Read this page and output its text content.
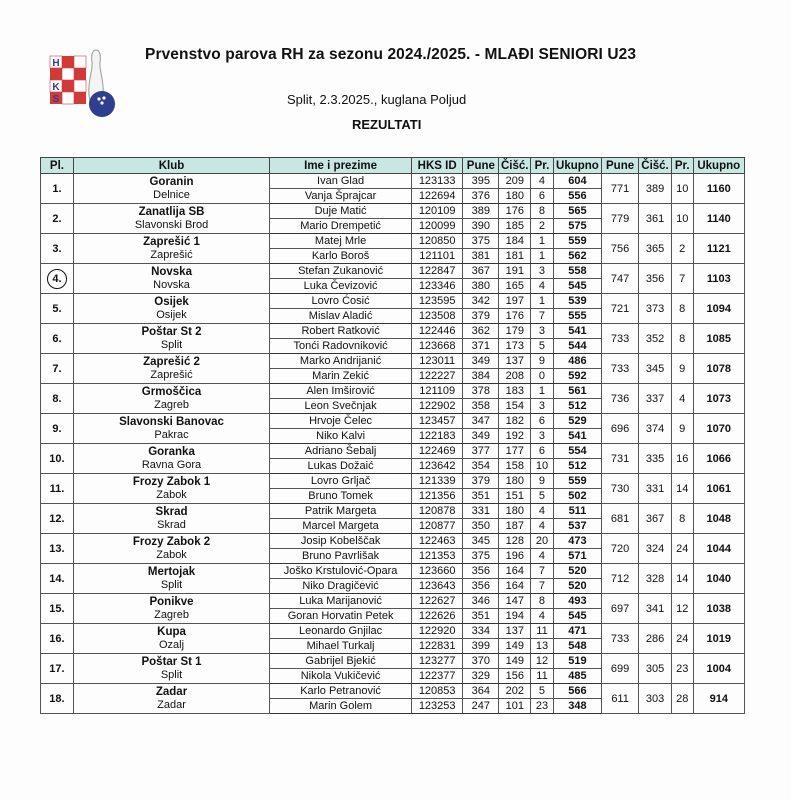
H
K
S
Prvenstvo parova RH za sezonu 2024./2025. - MLAĐI SENIORI U23
Split, 2.3.2025., kuglana Poljud
REZULTATI
Pl.	Klub	Ime i prezime	HKS ID	Pune	Čišć.	Pr.	Ukupno	Pune	Čišć.	Pr.	Ukupno
1.	Goranin
Delnice	Ivan Glad	123133	395	209	4	604	771	389	10	1160
		Vanja Šprajcar	122694	376	180	6	556				
2.	Zanatlija SB
Slavonski Brod	Duje Matić	120109	389	176	8	565	779	361	10	1140
		Mario Drempetić	120099	390	185	2	575				
3.	Zaprešić 1
Zaprešić	Matej Mrle	120850	375	184	1	559	756	365	2	1121
		Karlo Boroš	121101	381	181	1	562				
4.	Novska
Novska	Stefan Zukanović	122847	367	191	3	558	747	356	7	1103
		Luka Čevizović	123346	380	165	4	545				
5.	Osijek
Osijek	Lovro Ćosić	123595	342	197	1	539	721	373	8	1094
		Mislav Aladić	123508	379	176	7	555				
6.	Poštar St 2
Split	Robert Ratković	122446	362	179	3	541	733	352	8	1085
		Tonći Radovniković	123668	371	173	5	544				
7.	Zaprešić 2
Zaprešić	Marko Andrijanić	123011	349	137	9	486	733	345	9	1078
		Marin Zekić	122227	384	208	0	592				
8.	Grmoščica
Zagreb	Alen Imširović	121109	378	183	1	561	736	337	4	1073
		Leon Svečnjak	122902	358	154	3	512				
9.	Slavonski Banovac
Pakrac	Hrvoje Čelec	123457	347	182	6	529	696	374	9	1070
		Niko Kalvi	122183	349	192	3	541				
10.	Goranka
Ravna Gora	Adriano Šebalj	122469	377	177	6	554	731	335	16	1066
		Lukas Dožaić	123642	354	158	10	512				
11.	Frozy Zabok 1
Zabok	Lovro Grljač	121339	379	180	9	559	730	331	14	1061
		Bruno Tomek	121356	351	151	5	502				
12.	Skrad
Skrad	Patrik Margeta	120878	331	180	4	511	681	367	8	1048
		Marcel Margeta	120877	350	187	4	537				
13.	Frozy Zabok 2
Zabok	Josip Kobelščak	122463	345	128	20	473	720	324	24	1044
		Bruno Pavrlišak	121353	375	196	4	571				
14.	Mertojak
Split	Joško Krstulović-Opara	123660	356	164	7	520	712	328	14	1040
		Niko Dragičević	123643	356	164	7	520				
15.	Ponikve
Zagreb	Luka Marijanović	122627	346	147	8	493	697	341	12	1038
		Goran Horvatin Petek	122626	351	194	4	545				
16.	Kupa
Ozalj	Leonardo Gnjilac	122920	334	137	11	471	733	286	24	1019
		Mihael Turkalj	122831	399	149	13	548				
17.	Poštar St 1
Split	Gabrijel Bjekić	123277	370	149	12	519	699	305	23	1004
		Nikola Vukičević	122377	329	156	11	485				
18.	Zadar
Zadar	Karlo Petranović	120853	364	202	5	566	611	303	28	914
		Marin Golem	123253	247	101	23	348				
